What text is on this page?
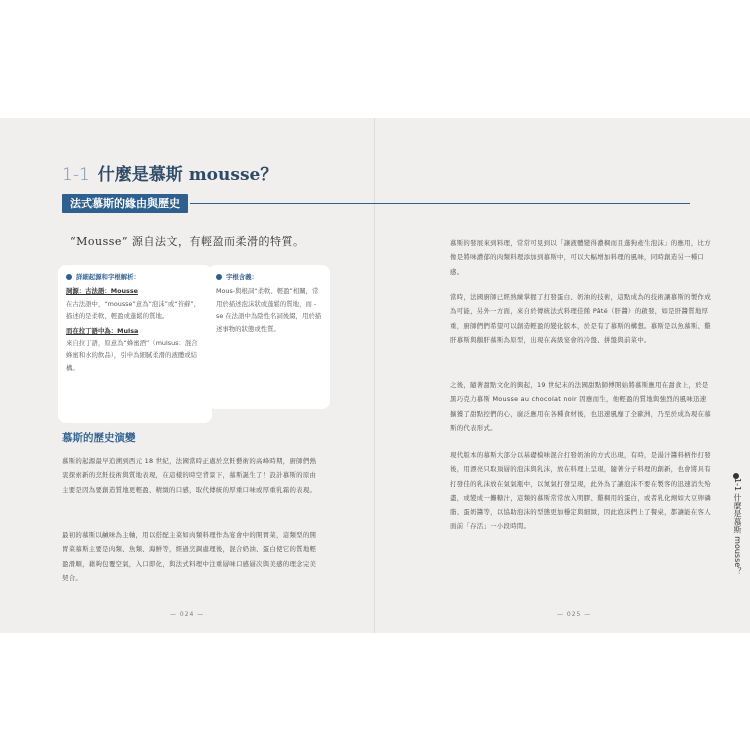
1-1 什麼是慕斯 mousse？
法式慕斯的緣由與歷史
“Mousse” 源自法文，有輕盈而柔滑的特質。
詳細起源和字根解析：

詞源：古法語：Mousse

在古法語中，“mousse”意為“泡沫”或“苔蘚”，描述的是柔軟、輕盈或蓬鬆的質地。

而在拉丁語中為：Mulsa

來自拉丁語，原意為“蜂蜜酒”（mulsus：混合蜂蜜和水的飲品），引申為細膩柔滑的液體或結構。

字根含義：

Mous-與根詞“柔軟、輕盈”相關，常用於描述泡沫狀或蓬鬆的質地，而 -se 在法語中為陰性名詞後綴，用於描述事物的狀態或性質。

慕斯的歷史演變
慕斯的起源最早追溯到西元 18 世紀，法國當時正處於烹飪藝術的高峰時期，廚師們熱衷探索新的烹飪技術與質地表現，在這樣的時空背景下，慕斯誕生了！設計慕斯的原由主要是因為要創造質地更輕盈、精緻的口感，取代傳統的厚重口味或厚重乳霜的表現。
最初的慕斯以鹹味為主軸，用以搭配主菜如肉類料理作為宴會中的開胃菜，這類型的開胃菜慕斯主要是肉類、魚類、海鮮等，經過烹調處理後，混合奶油、蛋白使它的質地輕盈滑順，藉夠包覆空氣，入口即化，與法式料理中注重層味口感層次與美感的理念完美契合。
— 024 —
慕斯的發展來到料理，常常可見到以「讓液體變得濃稠而且蓬狗產生泡沫」的應用，比方像是將味濃郁的肉類料理添加到慕斯中，可以大幅增加料理的風味，同時創造另一種口感。
當時，法國廚師已經熟練掌握了打發蛋白、奶油的技術，這點成為的技術讓慕斯的製作成為可能，另外一方面，來自於傳統法式料理佳餚 Pâté（肝醬）的啟發，如是肝醬質地厚重，廚師們們希望可以創造輕盈的變化版本，於是有了慕斯的構想。慕斯是以魚慕斯、雞肝慕斯與鵝肝慕斯為原型，出現在高級宴會的冷盤、拼盤與前菜中。
之後，隨著甜點文化的興起，19 世紀末的法國甜點師傅開始將慕斯應用在甜食上，於是黑巧克力慕斯 Mousse au chocolat noir 因應而生，他輕盈的質地與強烈的風味迅速擴獲了甜點控們的心，廣泛應用在各種食材後，也迅速風靡了全歐洲，乃至於成為現在慕斯的代表形式。
現代版本的慕斯大部分以基礎模味混合打發奶油的方式出現，有時，是湯汁醬料柄作打發後，用漂亮只取頂層的泡沫與乳沫，放在料理上呈現，隨著分子料理的創新，也會將具有打發佳的乳沫放在氣氣瓶中，以氮氣打發呈現，此外為了讓泡沫不要在製客的迅速消失殆盡，或變成一攤糖汁，這類的慕斯常常放入明膠、雞稠用的蛋白，或者乳化劑如大豆卵磷脂、蛋奶醬等，以協助泡沫的型態更加穩定與細緻，因此泡沫們上了餐桌，都讓能在客人面前「存活」一小段時間。	1-1 什麼是慕斯 mousse？
— 025 —
